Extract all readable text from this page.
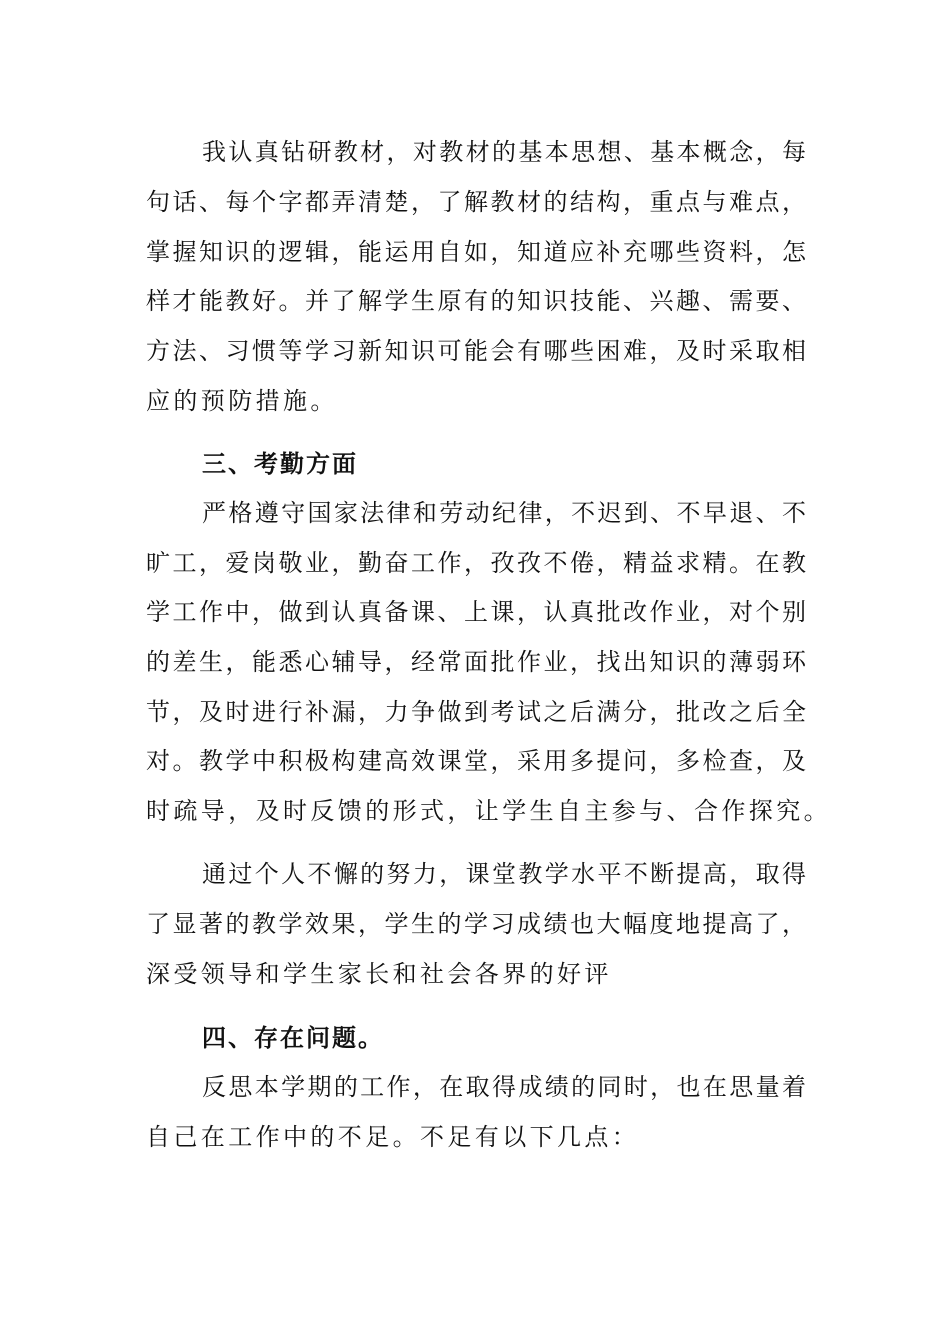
我认真钻研教材，对教材的基本思想、基本概念，每
句话、每个字都弄清楚，了解教材的结构，重点与难点，
掌握知识的逻辑，能运用自如，知道应补充哪些资料，怎
样才能教好。并了解学生原有的知识技能、兴趣、需要、
方法、习惯等学习新知识可能会有哪些困难，及时采取相
应的预防措施。
三、考勤方面
严格遵守国家法律和劳动纪律，不迟到、不早退、不
旷工，爱岗敬业，勤奋工作，孜孜不倦，精益求精。在教
学工作中，做到认真备课、上课，认真批改作业，对个别
的差生，能悉心辅导，经常面批作业，找出知识的薄弱环
节，及时进行补漏，力争做到考试之后满分，批改之后全
对。教学中积极构建高效课堂，采用多提问，多检查，及
时疏导，及时反馈的形式，让学生自主参与、合作探究。
通过个人不懈的努力，课堂教学水平不断提高，取得
了显著的教学效果，学生的学习成绩也大幅度地提高了，
深受领导和学生家长和社会各界的好评
四、存在问题。
反思本学期的工作，在取得成绩的同时，也在思量着
自己在工作中的不足。不足有以下几点：
